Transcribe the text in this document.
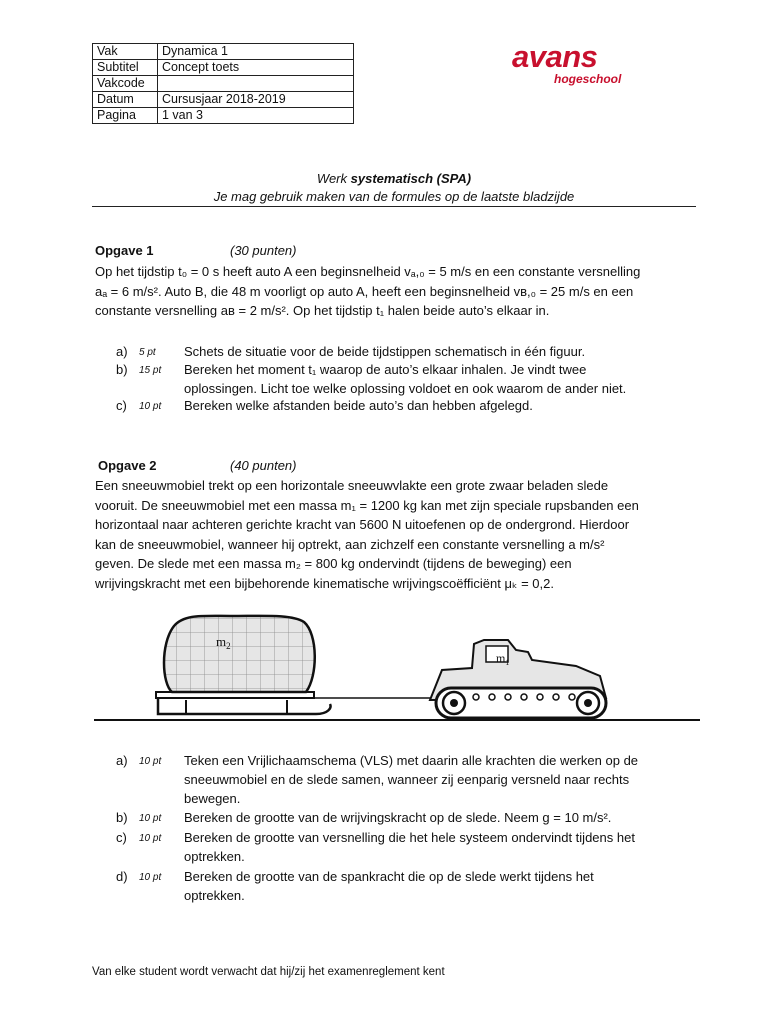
Vak	Dynamica 1
Subtitel	Concept toets
Vakcode	
Datum	Cursusjaar 2018-2019
Pagina	1 van 3
avans
hogeschool
Werk systematisch (SPA)
Je mag gebruik maken van de formules op de laatste bladzijde
Opgave 1	(30 punten)
Op het tijdstip t₀ = 0 s heeft auto A een beginsnelheid vₐ,₀ = 5 m/s en een constante versnelling
aₐ = 6 m/s². Auto B, die 48 m voorligt op auto A, heeft een beginsnelheid vʙ,₀ = 25 m/s en een
constante versnelling aʙ = 2 m/s². Op het tijdstip t₁ halen beide auto’s elkaar in.
a) 5 pt Schets de situatie voor de beide tijdstippen schematisch in één figuur.
b) 15 pt Bereken het moment t₁ waarop de auto’s elkaar inhalen. Je vindt twee
oplossingen. Licht toe welke oplossing voldoet en ook waarom de ander niet.
c) 10 pt Bereken welke afstanden beide auto’s dan hebben afgelegd.
Opgave 2	(40 punten)
Een sneeuwmobiel trekt op een horizontale sneeuwvlakte een grote zwaar beladen slede
vooruit. De sneeuwmobiel met een massa m₁ = 1200 kg kan met zijn speciale rupsbanden een
horizontaal naar achteren gerichte kracht van 5600 N uitoefenen op de ondergrond. Hierdoor
kan de sneeuwmobiel, wanneer hij optrekt, aan zichzelf een constante versnelling a m/s²
geven. De slede met een massa m₂ = 800 kg ondervindt (tijdens de beweging) een
wrijvingskracht met een bijbehorende kinematische wrijvingscoëfficiënt μₖ = 0,2.
$m_2$
$m_1$
a) 10 pt Teken een Vrijlichaamschema (VLS) met daarin alle krachten die werken op de
sneeuwmobiel en de slede samen, wanneer zij eenparig versneld naar rechts
bewegen.
b) 10 pt Bereken de grootte van de wrijvingskracht op de slede. Neem g = 10 m/s².
c) 10 pt Bereken de grootte van versnelling die het hele systeem ondervindt tijdens het
optrekken.
d) 10 pt Bereken de grootte van de spankracht die op de slede werkt tijdens het
optrekken.
Van elke student wordt verwacht dat hij/zij het examenreglement kent
